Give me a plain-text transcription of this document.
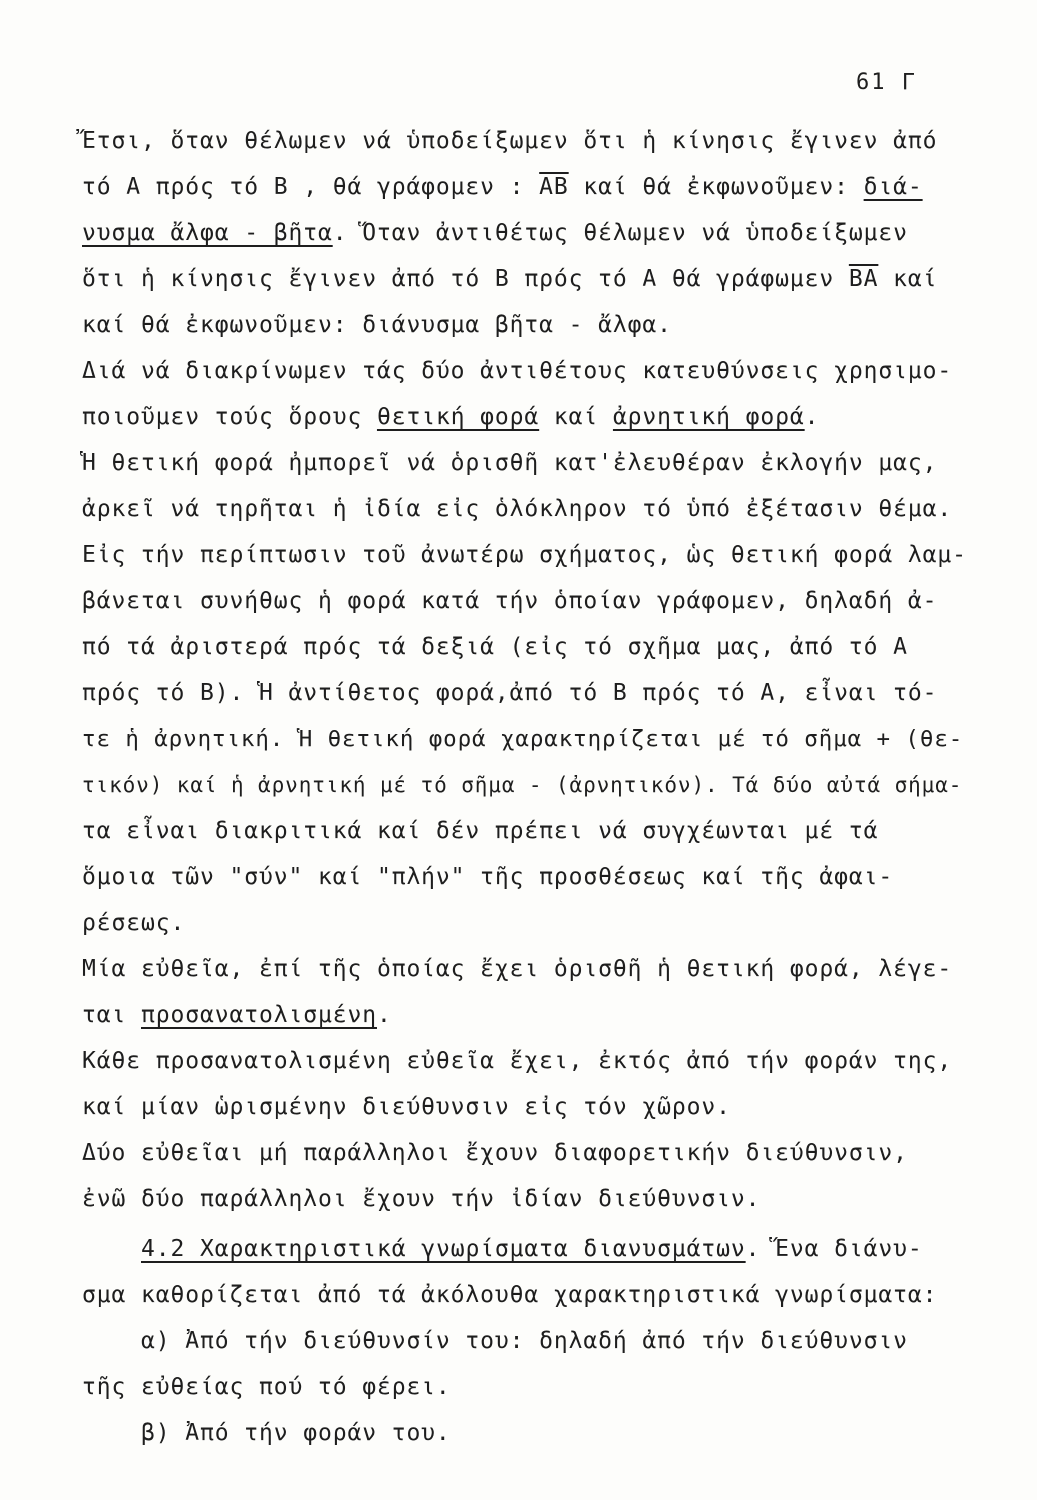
61 Γ
Ἔτσι, ὅταν θέλωμεν νά ὑποδείξωμεν ὅτι ἡ κίνησις ἔγινεν ἀπό
τό Α πρός τό Β , θά γράφομεν : $\overline{AB}$ καί θά ἐκφωνοῦμεν: διά-
νυσμα ἄλφα - βῆτα. Ὅταν ἀντιθέτως θέλωμεν νά ὑποδείξωμεν
ὅτι ἡ κίνησις ἔγινεν ἀπό τό Β πρός τό Α θά γράφωμεν $\overline{BA}$ καί
καί θά ἐκφωνοῦμεν: διάνυσμα βῆτα - ἄλφα.
Διά νά διακρίνωμεν τάς δύο ἀντιθέτους κατευθύνσεις χρησιμο-
ποιοῦμεν τούς ὅρους θετική φορά καί ἀρνητική φορά.
Ἡ θετική φορά ἠμπορεῖ νά ὁρισθῆ κατ'ἐλευθέραν ἐκλογήν μας,
ἀρκεῖ νά τηρῆται ἡ ἰδία εἰς ὁλόκληρον τό ὑπό ἐξέτασιν θέμα.
Εἰς τήν περίπτωσιν τοῦ ἀνωτέρω σχήματος, ὡς θετική φορά λαμ-
βάνεται συνήθως ἡ φορά κατά τήν ὁποίαν γράφομεν, δηλαδή ἀ-
πό τά ἀριστερά πρός τά δεξιά (εἰς τό σχῆμα μας, ἀπό τό Α
πρός τό Β). Ἡ ἀντίθετος φορά,ἀπό τό Β πρός τό Α, εἶναι τό-
τε ἡ ἀρνητική. Ἡ θετική φορά χαρακτηρίζεται μέ τό σῆμα + (θε-
τικόν) καί ἡ ἀρνητική μέ τό σῆμα - (ἀρνητικόν). Τά δύο αὐτά σήμα-
τα εἶναι διακριτικά καί δέν πρέπει νά συγχέωνται μέ τά
ὅμοια τῶν "σύν" καί "πλήν" τῆς προσθέσεως καί τῆς ἀφαι-
ρέσεως.
Μία εὐθεῖα, ἐπί τῆς ὁποίας ἔχει ὁρισθῆ ἡ θετική φορά, λέγε-
ται προσανατολισμένη.
Κάθε προσανατολισμένη εὐθεῖα ἔχει, ἐκτός ἀπό τήν φοράν της,
καί μίαν ὡρισμένην διεύθυνσιν εἰς τόν χῶρον.
Δύο εὐθεῖαι μή παράλληλοι ἔχουν διαφορετικήν διεύθυνσιν,
ἐνῶ δύο παράλληλοι ἔχουν τήν ἰδίαν διεύθυνσιν.
4.2 Χαρακτηριστικά γνωρίσματα διανυσμάτων. Ἕνα διάνυ-
σμα καθορίζεται ἀπό τά ἀκόλουθα χαρακτηριστικά γνωρίσματα:
α) Ἀπό τήν διεύθυνσίν του: δηλαδή ἀπό τήν διεύθυνσιν
τῆς εὐθείας πού τό φέρει.
β) Ἀπό τήν φοράν του.
